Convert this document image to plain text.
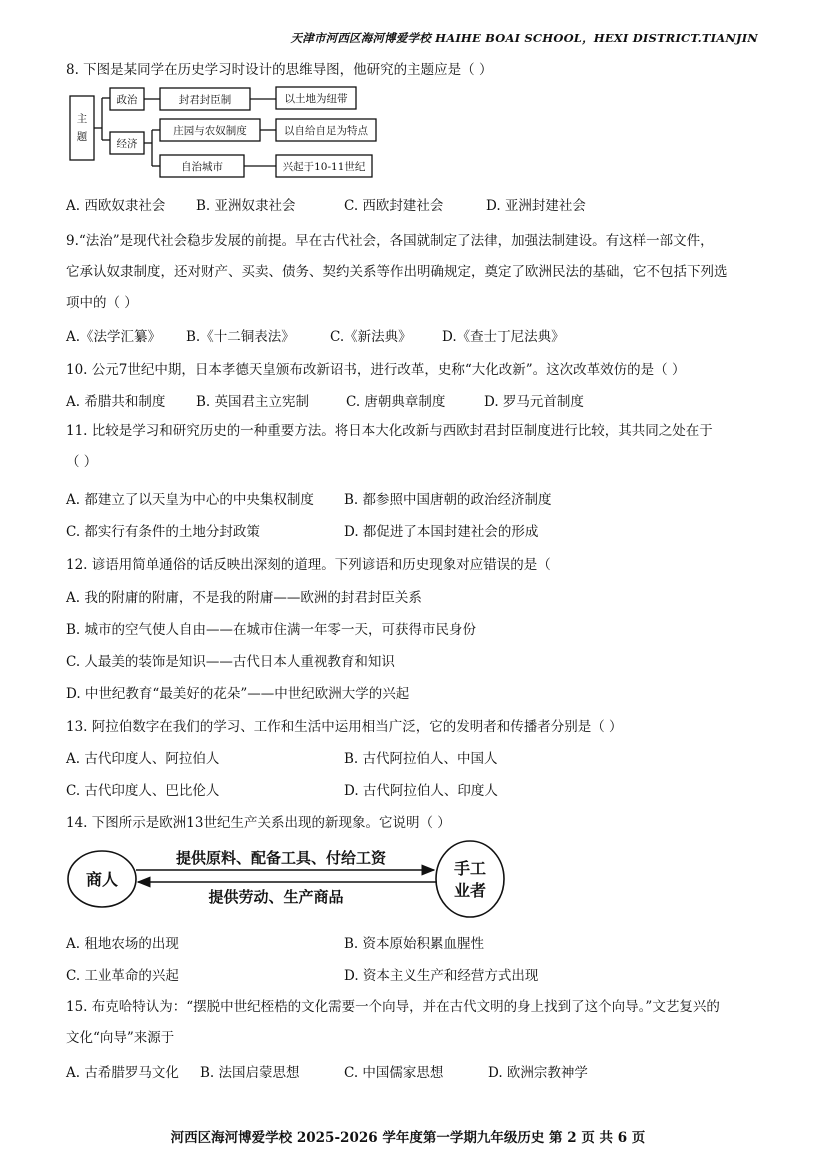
天津市河西区海河博爱学校 HAIHE BOAI SCHOOL，HEXI DISTRICT.TIANJIN
8. 下图是某同学在历史学习时设计的思维导图，他研究的主题应是（ ）
主
题
政治	封君封臣制	以土地为纽带
经济
庄园与农奴制度	以自给自足为特点
自治城市	兴起于10-11世纪
A. 西欧奴隶社会 B. 亚洲奴隶社会	C. 西欧封建社会	D. 亚洲封建社会
9.“法治”是现代社会稳步发展的前提。早在古代社会，各国就制定了法律，加强法制建设。有这样一部文件，
它承认奴隶制度，还对财产、买卖、债务、契约关系等作出明确规定，奠定了欧洲民法的基础，它不包括下列选
项中的（ ）
A.《法学汇纂》 B.《十二铜表法》	C.《新法典》 D.《查士丁尼法典》
10. 公元7世纪中期，日本孝德天皇颁布改新诏书，进行改革，史称“大化改新”。这次改革效仿的是（ ）
A. 希腊共和制度 B. 英国君主立宪制	C. 唐朝典章制度	D. 罗马元首制度
11. 比较是学习和研究历史的一种重要方法。将日本大化改新与西欧封君封臣制度进行比较，其共同之处在于
（ ）
A. 都建立了以天皇为中心的中央集权制度 B. 都参照中国唐朝的政治经济制度
C. 都实行有条件的土地分封政策	D. 都促进了本国封建社会的形成
12. 谚语用简单通俗的话反映出深刻的道理。下列谚语和历史现象对应错误的是（
A. 我的附庸的附庸，不是我的附庸——欧洲的封君封臣关系
B. 城市的空气使人自由——在城市住满一年零一天，可获得市民身份
C. 人最美的装饰是知识——古代日本人重视教育和知识
D. 中世纪教育“最美好的花朵”——中世纪欧洲大学的兴起
13. 阿拉伯数字在我们的学习、工作和生活中运用相当广泛，它的发明者和传播者分别是（ ）
A. 古代印度人、阿拉伯人	B. 古代阿拉伯人、中国人
C. 古代印度人、巴比伦人	D. 古代阿拉伯人、印度人
14. 下图所示是欧洲13世纪生产关系出现的新现象。它说明（ ）
商人
手工
业者
提供原料、配备工具、付给工资
提供劳动、生产商品
A. 租地农场的出现	B. 资本原始积累血腥性
C. 工业革命的兴起	D. 资本主义生产和经营方式出现
15. 布克哈特认为：“摆脱中世纪桎梏的文化需要一个向导，并在古代文明的身上找到了这个向导。”文艺复兴的
文化“向导”来源于
A. 古希腊罗马文化 B. 法国启蒙思想	C. 中国儒家思想	D. 欧洲宗教神学
河西区海河博爱学校 2025-2026 学年度第一学期九年级历史 第 2 页 共 6 页
